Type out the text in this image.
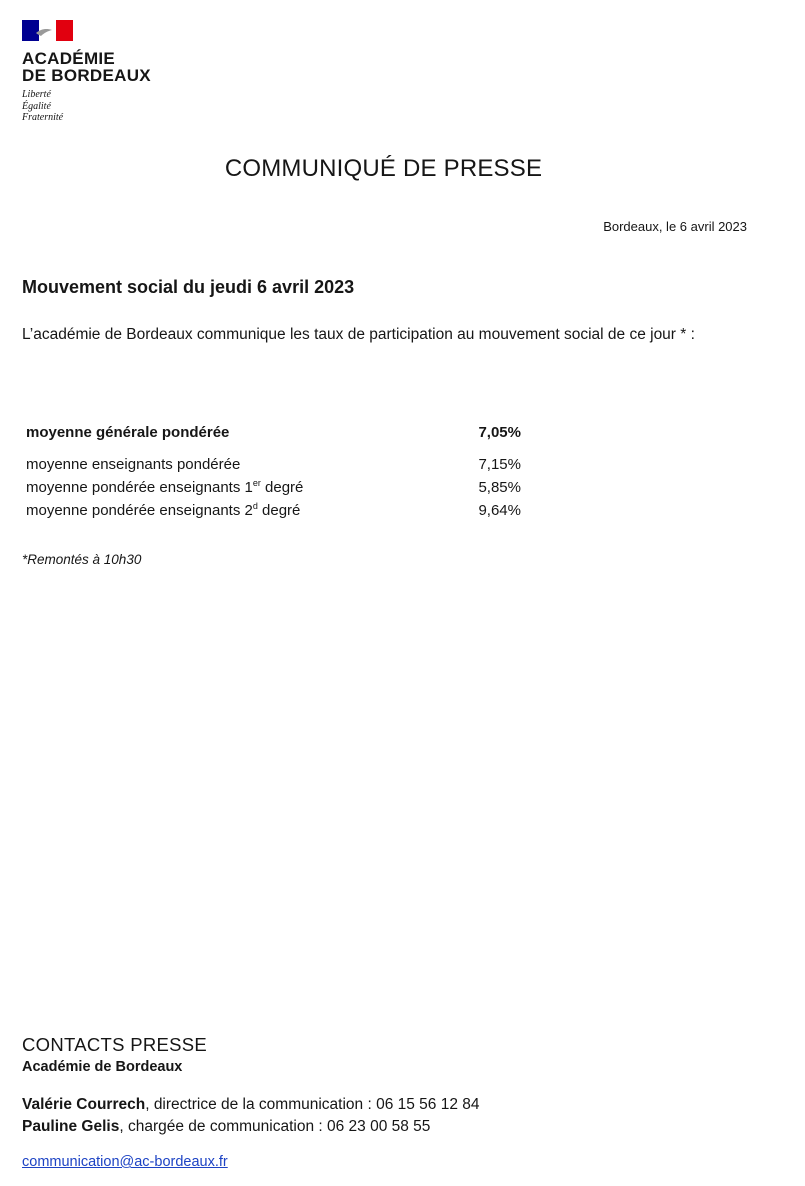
ACADÉMIE
DE BORDEAUX
Liberté
Égalité
Fraternité
COMMUNIQUÉ DE PRESSE
Bordeaux, le 6 avril 2023
Mouvement social du jeudi 6 avril 2023
L’académie de Bordeaux communique les taux de participation au mouvement social de ce jour * :
moyenne générale pondérée	7,05%
moyenne enseignants pondérée	7,15%
moyenne pondérée enseignants 1er degré	5,85%
moyenne pondérée enseignants 2$^d$ degré	9,64%
*Remontés à 10h30
CONTACTS PRESSE
Académie de Bordeaux
Valérie Courrech, directrice de la communication : 06 15 56 12 84
Pauline Gelis, chargée de communication : 06 23 00 58 55
communication@ac-bordeaux.fr
